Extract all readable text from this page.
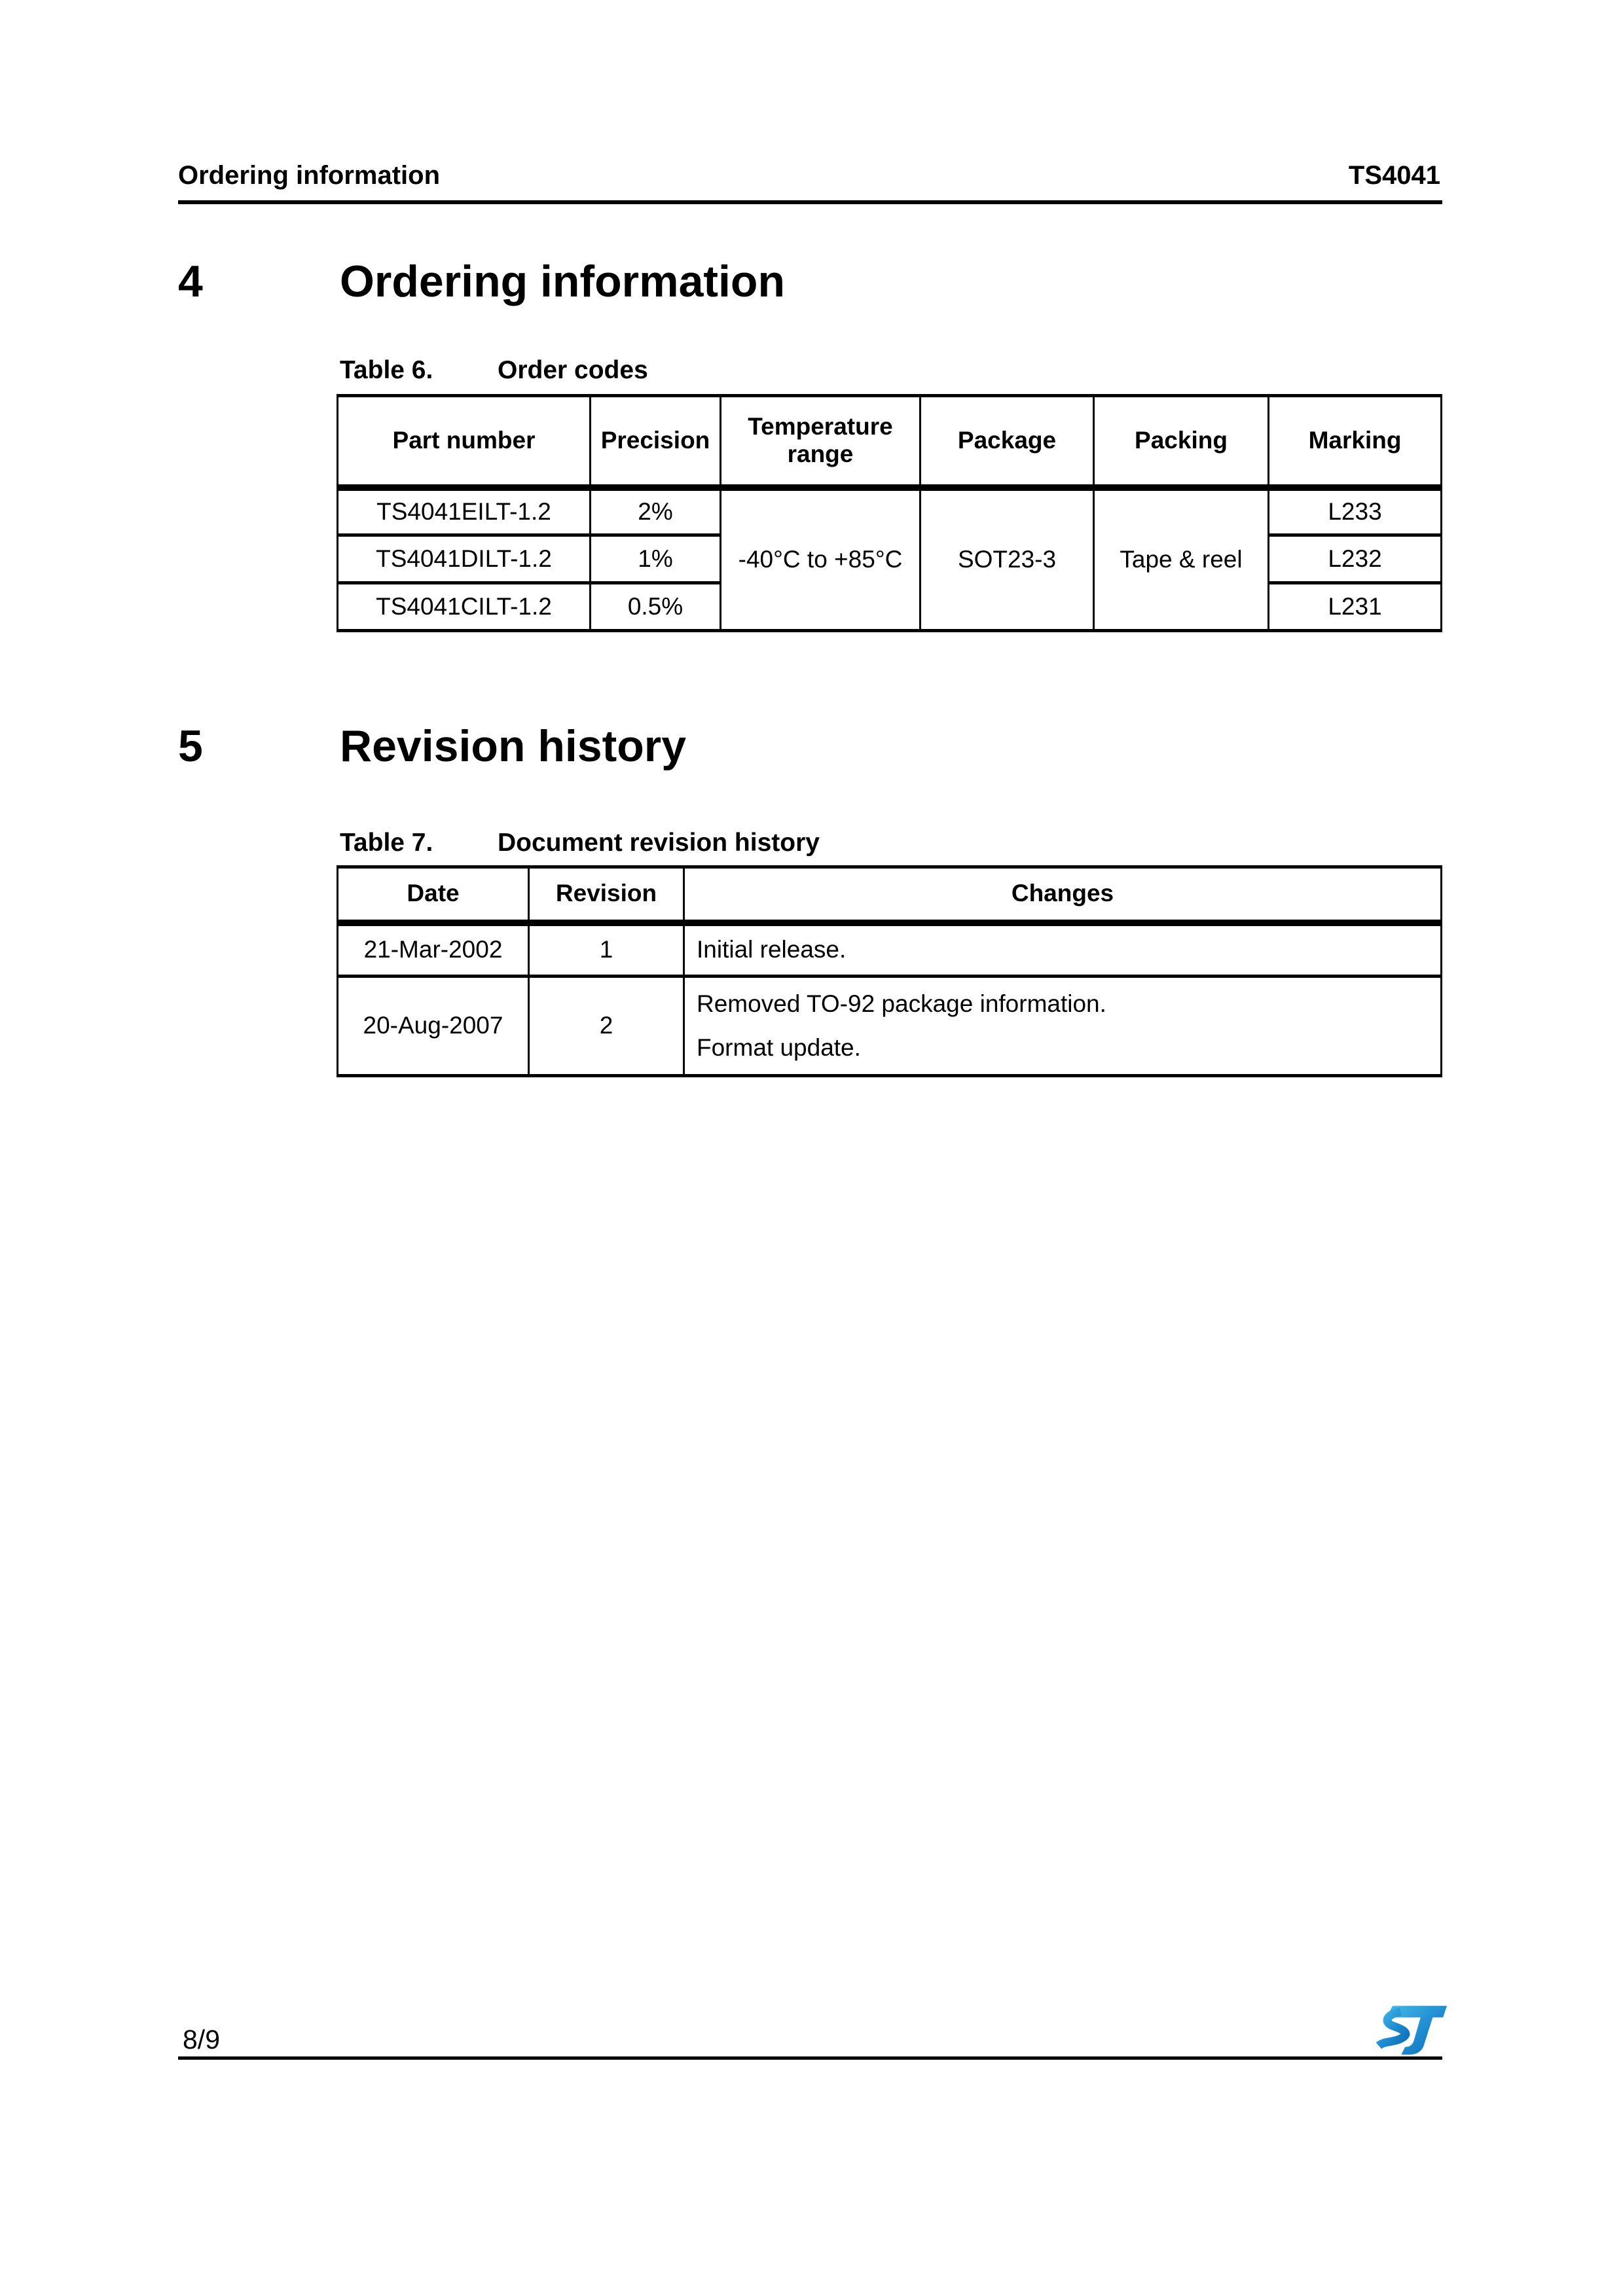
Ordering information	TS4041
4	Ordering information
Table 6.	Order codes
Part number	Precision	Temperature range	Package	Packing	Marking
TS4041EILT-1.2	2%	-40°C to +85°C	SOT23-3	Tape & reel	L233
TS4041DILT-1.2	1%				L232
TS4041CILT-1.2	0.5%				L231
5	Revision history
Table 7.	Document revision history
Date	Revision	Changes
21-Mar-2002	1	Initial release.

20-Aug-2007	2	Removed TO-92 package information.
Format update.
8/9
